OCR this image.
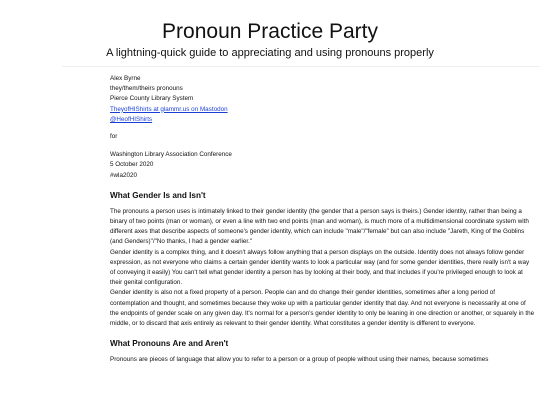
Pronoun Practice Party
A lightning-quick guide to appreciating and using pronouns properly
Alex Byrne
they/them/theirs pronouns
Pierce County Library System
TheyofHIShirts at glammr.us on Mastodon
@HeofHIShirts
for
Washington Library Association Conference
5 October 2020
#wla2020
What Gender Is and Isn't

The pronouns a person uses is intimately linked to their gender identity (the gender that a person says is theirs.) Gender identity, rather than being a binary of two points (man or woman), or even a line with two end points (man and woman), is much more of a multidimensional coordinate system with different axes that describe aspects of someone's gender identity, which can include "male"/"female" but can also include "Jareth, King of the Goblins (and Genders)"/"No thanks, I had a gender earlier."

Gender identity is a complex thing, and it doesn't always follow anything that a person displays on the outside. Identity does not always follow gender expression, as not everyone who claims a certain gender identity wants to look a particular way (and for some gender identities, there really isn't a way of conveying it easily) You can't tell what gender identity a person has by looking at their body, and that includes if you're privileged enough to look at their genital configuration.

Gender identity is also not a fixed property of a person. People can and do change their gender identities, sometimes after a long period of contemplation and thought, and sometimes because they woke up with a particular gender identity that day. And not everyone is necessarily at one of the endpoints of gender scale on any given day. It's normal for a person's gender identity to only be leaning in one direction or another, or squarely in the middle, or to discard that axis entirely as relevant to their gender identity. What constitutes a gender identity is different to everyone.

What Pronouns Are and Aren't

Pronouns are pieces of language that allow you to refer to a person or a group of people without using their names, because sometimes
